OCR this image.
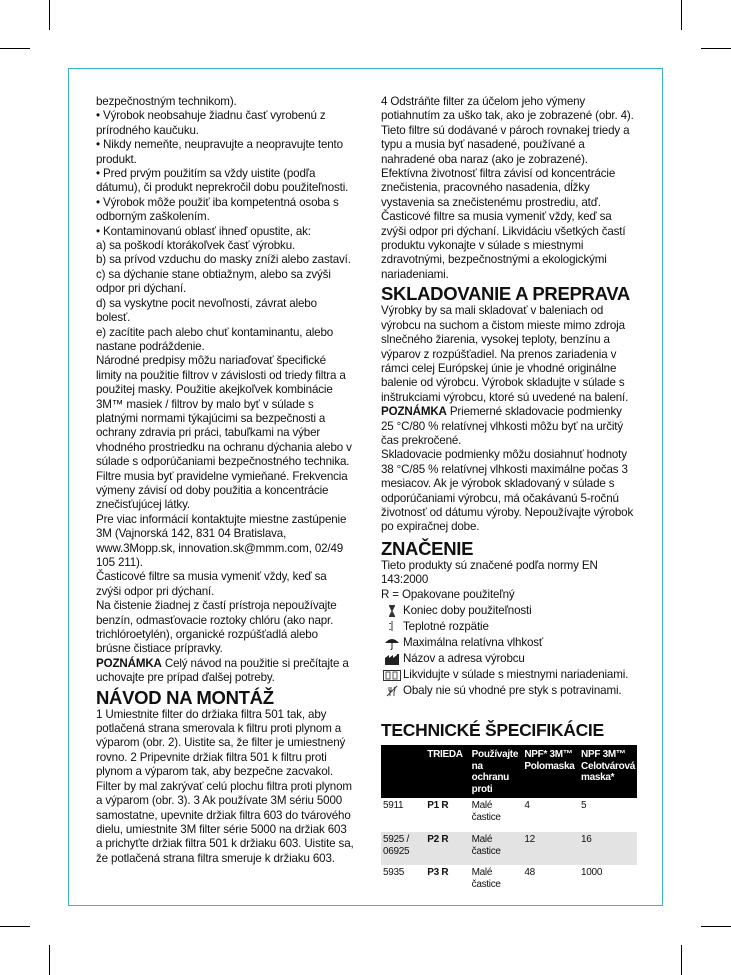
bezpečnostným technikom).

• Výrobok neobsahuje žiadnu časť vyrobenú z prírodného kaučuku.

• Nikdy nemeňte, neupravujte a neopravujte tento produkt.

• Pred prvým použitím sa vždy uistite (podľa dátumu), či produkt neprekročil dobu použiteľnosti.

• Výrobok môže použiť iba kompetentná osoba s odborným zaškolením.

• Kontaminovanú oblasť ihneď opustite, ak:

a) sa poškodí ktorákoľvek časť výrobku.

b) sa prívod vzduchu do masky zníži alebo zastaví.

c) sa dýchanie stane obtiažnym, alebo sa zvýši odpor pri dýchaní.

d) sa vyskytne pocit nevoľnosti, závrat alebo bolesť.

e) zacítite pach alebo chuť kontaminantu, alebo nastane podráždenie.

Národné predpisy môžu nariaďovať špecifické limity na použitie filtrov v závislosti od triedy filtra a použitej masky. Použitie akejkoľvek kombinácie 3M™ masiek / filtrov by malo byť v súlade s platnými normami týkajúcimi sa bezpečnosti a ochrany zdravia pri práci, tabuľkami na výber vhodného prostriedku na ochranu dýchania alebo v súlade s odporúčaniami bezpečnostného technika. Filtre musia byť pravidelne vymieňané. Frekvencia výmeny závisí od doby použitia a koncentrácie znečisťujúcej látky.

Pre viac informácií kontaktujte miestne zastúpenie 3M (Vajnorská 142, 831 04 Bratislava, www.3Mopp.sk, innovation.sk@mmm.com, 02/49 105 211).

Časticové filtre sa musia vymeniť vždy, keď sa zvýši odpor pri dýchaní.

Na čistenie žiadnej z častí prístroja nepoužívajte benzín, odmasťovacie roztoky chlóru (ako napr. trichlóroetylén), organické rozpúšťadlá alebo brúsne čistiace prípravky.

POZNÁMKA Celý návod na použitie si prečítajte a uchovajte pre prípad ďalšej potreby.

NÁVOD NA MONTÁŽ

1 Umiestnite filter do držiaka filtra 501 tak, aby potlačená strana smerovala k filtru proti plynom a výparom (obr. 2). Uistite sa, že filter je umiestnený rovno. 2 Pripevnite držiak filtra 501 k filtru proti plynom a výparom tak, aby bezpečne zacvakol. Filter by mal zakrývať celú plochu filtra proti plynom a výparom (obr. 3). 3 Ak používate 3M sériu 5000 samostatne, upevnite držiak filtra 603 do tvárového dielu, umiestnite 3M filter série 5000 na držiak 603 a prichyťte držiak filtra 501 k držiaku 603. Uistite sa, že potlačená strana filtra smeruje k držiaku 603.

4 Odstráňte filter za účelom jeho výmeny potiahnutím za uško tak, ako je zobrazené (obr. 4). Tieto filtre sú dodávané v pároch rovnakej triedy a typu a musia byť nasadené, používané a nahradené oba naraz (ako je zobrazené). Efektívna životnosť filtra závisí od koncentrácie znečistenia, pracovného nasadenia, dĺžky vystavenia sa znečistenému prostrediu, atď. Časticové filtre sa musia vymeniť vždy, keď sa zvýši odpor pri dýchaní. Likvidáciu všetkých častí produktu vykonajte v súlade s miestnymi zdravotnými, bezpečnostnými a ekologickými nariadeniami.

SKLADOVANIE A PREPRAVA

Výrobky by sa mali skladovať v baleniach od výrobcu na suchom a čistom mieste mimo zdroja slnečného žiarenia, vysokej teploty, benzínu a výparov z rozpúšťadiel. Na prenos zariadenia v rámci celej Európskej únie je vhodné originálne balenie od výrobcu. Výrobok skladujte v súlade s inštrukciami výrobcu, ktoré sú uvedené na balení.

POZNÁMKA Priemerné skladovacie podmienky 25 °C/80 % relatívnej vlhkosti môžu byť na určitý čas prekročené.

Skladovacie podmienky môžu dosiahnuť hodnoty 38 °C/85 % relatívnej vlhkosti maximálne počas 3 mesiacov. Ak je výrobok skladovaný v súlade s odporúčaniami výrobcu, má očakávanú 5-ročnú životnosť od dátumu výroby. Nepoužívajte výrobok po expiračnej dobe.

ZNAČENIE

Tieto produkty sú značené podľa normy EN 143:2000

R = Opakovane použiteľný

Koniec doby použiteľnosti
Teplotné rozpätie
Maximálna relatívna vlhkosť
Názov a adresa výrobcu
Likvidujte v súlade s miestnymi nariadeniami.
Obaly nie sú vhodné pre styk s potravinami.
TECHNICKÉ ŠPECIFIKÁCIE
	TRIEDA	Používajte na ochranu proti	NPF* 3M™ Polomaska	NPF 3M™ Celotvárová maska*
5911	P1 R	Malé častice	4	5
5925 / 06925	P2 R	Malé častice	12	16
5935	P3 R	Malé častice	48	1000
